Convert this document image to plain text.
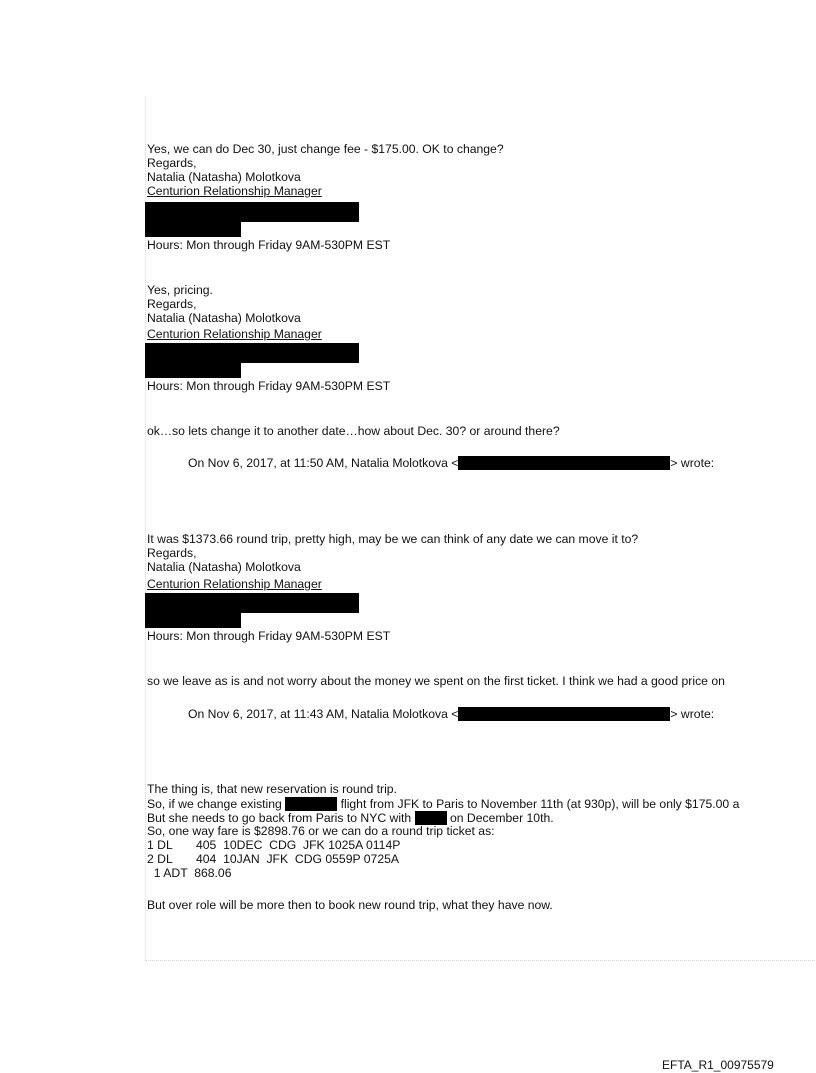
Yes, we can do Dec 30, just change fee - $175.00. OK to change?
Regards,
Natalia (Natasha) Molotkova
Centurion Relationship Manager
Hours: Mon through Friday 9AM-530PM EST
Yes, pricing.
Regards,
Natalia (Natasha) Molotkova
Centurion Relationship Manager
Hours: Mon through Friday 9AM-530PM EST
ok…so lets change it to another date…how about Dec. 30? or around there?
On Nov 6, 2017, at 11:50 AM, Natalia Molotkova <	> wrote:
It was $1373.66 round trip, pretty high, may be we can think of any date we can move it to?
Regards,
Natalia (Natasha) Molotkova
Centurion Relationship Manager
Hours: Mon through Friday 9AM-530PM EST
so we leave as is and not worry about the money we spent on the first ticket. I think we had a good price on
On Nov 6, 2017, at 11:43 AM, Natalia Molotkova <	> wrote:
The thing is, that new reservation is round trip.
So, if we change existing	flight from JFK to Paris to November 11th (at 930p), will be only $175.00 a
But she needs to go back from Paris to NYC with	on December 10th.
So, one way fare is $2898.76 or we can do a round trip ticket as:
1 DL       405  10DEC  CDG  JFK 1025A 0114P
2 DL       404  10JAN  JFK  CDG 0559P 0725A
1 ADT  868.06
But over role will be more then to book new round trip, what they have now.
EFTA_R1_00975579
